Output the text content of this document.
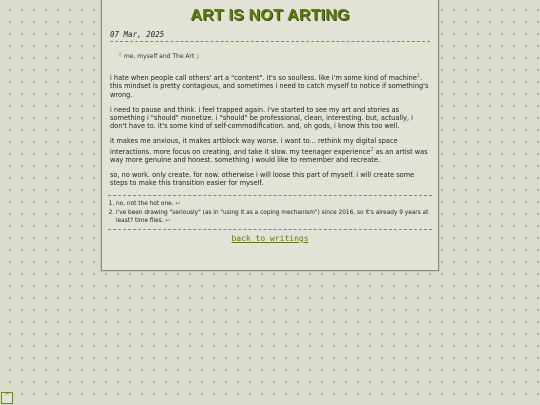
ART IS NOT ARTING
07 Mar, 2025
『 me, myself and The Art 』

i hate when people call others' art a "content". it's so soulless. like i'm some kind of machine$^1$. this mindset is pretty contagious, and sometimes i need to catch myself to notice if something's wrong.

i need to pause and think. i feel trapped again. i've started to see my art and stories as something i "should" monetize. i "should" be professional, clean, interesting. but, actually, i don't have to. it's some kind of self-commodification. and, oh gods, i know this too well.

it makes me anxious, it makes artblock way worse. i want to... rethink my digital space interactions. more focus on creating, and take it slow. my teenager experience$^2$ as an artist was way more genuine and honest. something i would like to remember and recreate.

so, no work. only create. for now. otherwise i will loose this part of myself. i will create some steps to make this transition easier for myself.

1. no, not the hot one. ↩
2. i've been drawing "seriously" (as in "using it as a coping mechanism") since 2016, so it's already 9 years at least? time flies. ↩
back to writings
^
